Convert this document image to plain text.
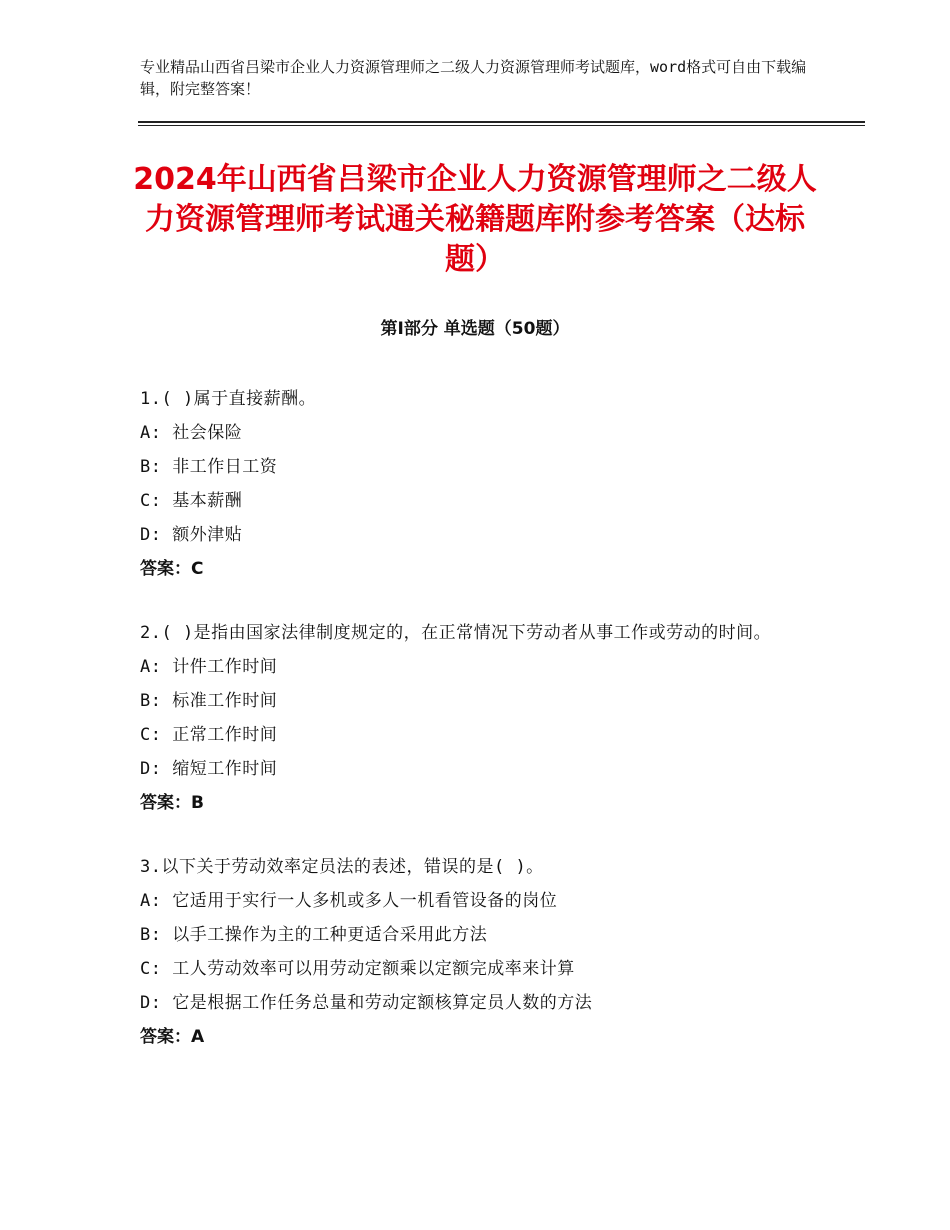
专业精品山西省吕梁市企业人力资源管理师之二级人力资源管理师考试题库，word格式可自由下载编辑，附完整答案！
2024年山西省吕梁市企业人力资源管理师之二级人力资源管理师考试通关秘籍题库附参考答案（达标题）
第Ⅰ部分 单选题（50题）
1.( )属于直接薪酬。
A: 社会保险
B: 非工作日工资
C: 基本薪酬
D: 额外津贴
答案：C
2.( )是指由国家法律制度规定的，在正常情况下劳动者从事工作或劳动的时间。
A: 计件工作时间
B: 标准工作时间
C: 正常工作时间
D: 缩短工作时间
答案：B
3.以下关于劳动效率定员法的表述，错误的是( )。
A: 它适用于实行一人多机或多人一机看管设备的岗位
B: 以手工操作为主的工种更适合采用此方法
C: 工人劳动效率可以用劳动定额乘以定额完成率来计算
D: 它是根据工作任务总量和劳动定额核算定员人数的方法
答案：A
